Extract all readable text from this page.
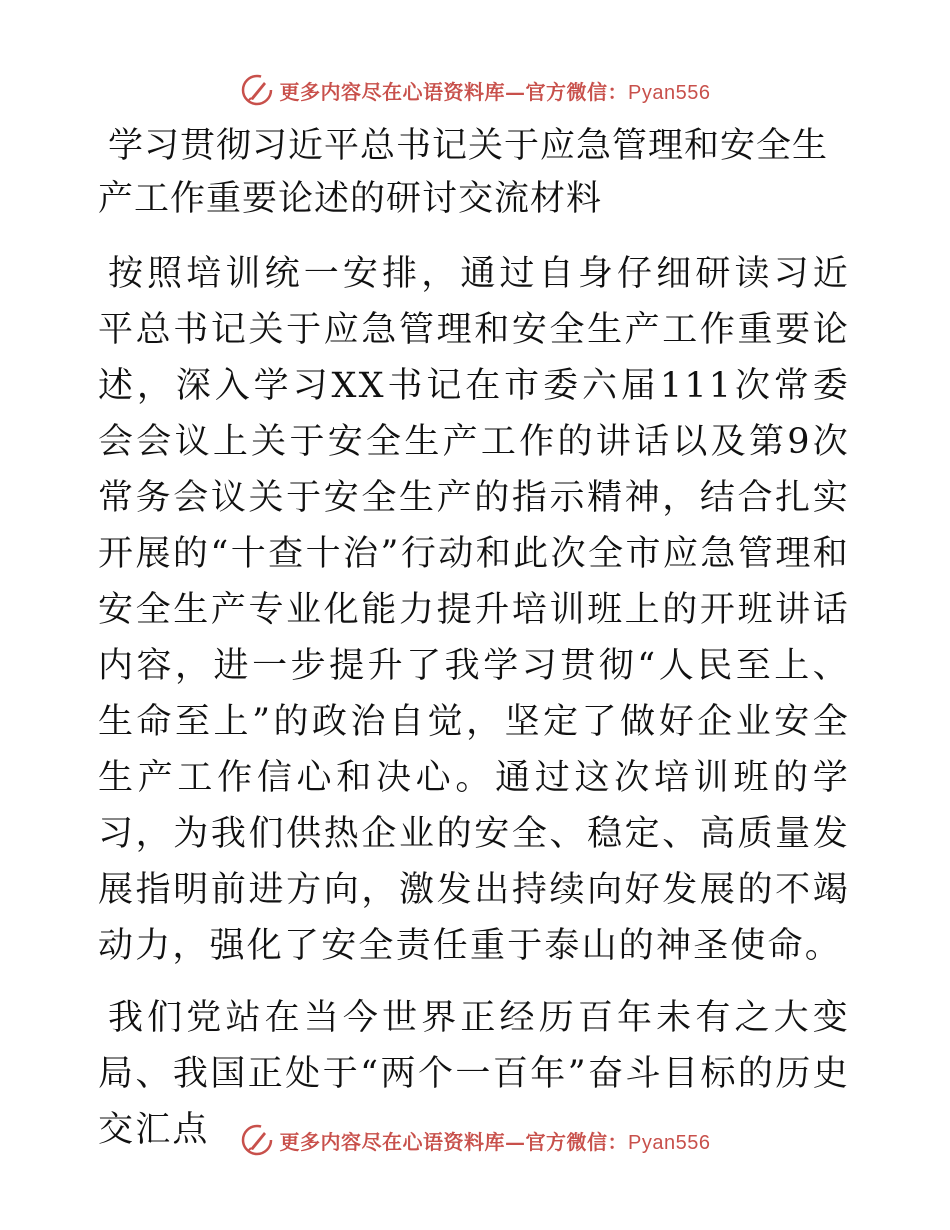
更多内容尽在心语资料库—官方微信：Pyan556
学习贯彻习近平总书记关于应急管理和安全生产工作重要论述的研讨交流材料

按照培训统一安排，通过自身仔细研读习近平总书记关于应急管理和安全生产工作重要论述，深入学习XX书记在市委六届111次常委会会议上关于安全生产工作的讲话以及第9次常务会议关于安全生产的指示精神，结合扎实开展的“十查十治”行动和此次全市应急管理和安全生产专业化能力提升培训班上的开班讲话内容，进一步提升了我学习贯彻“人民至上、生命至上”的政治自觉，坚定了做好企业安全生产工作信心和决心。通过这次培训班的学习，为我们供热企业的安全、稳定、高质量发展指明前进方向，激发出持续向好发展的不竭动力，强化了安全责任重于泰山的神圣使命。

我们党站在当今世界正经历百年未有之大变局、我国正处于“两个一百年”奋斗目标的历史交汇点	更多内容尽在心语资料库—官方微信：Pyan556
